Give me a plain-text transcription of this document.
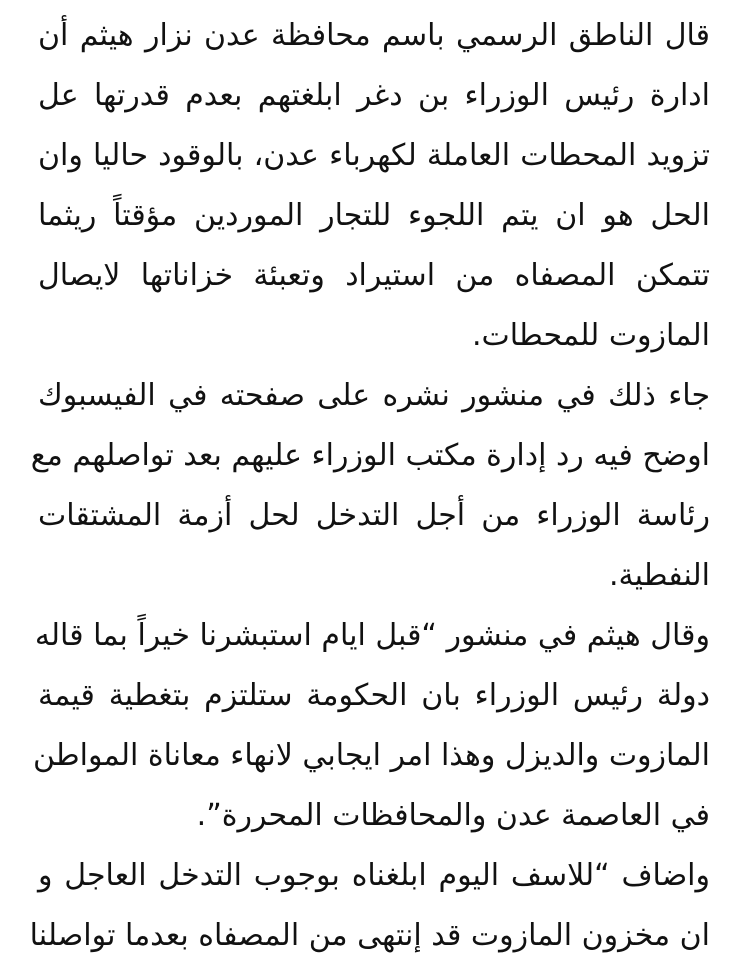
قال الناطق الرسمي باسم محافظة عدن نزار هيثم أن
ادارة رئيس الوزراء بن دغر ابلغتهم بعدم قدرتها عل
تزويد المحطات العاملة لكهرباء عدن، بالوقود حاليا وان
الحل هو ان يتم اللجوء للتجار الموردين مؤقتاً ريثما
تتمكن المصفاه من استيراد وتعبئة خزاناتها لايصال
المازوت للمحطات.
جاء ذلك في منشور نشره على صفحته في الفيسبوك
اوضح فيه رد إدارة مكتب الوزراء عليهم بعد تواصلهم مع
رئاسة الوزراء من أجل التدخل لحل أزمة المشتقات
النفطية.
وقال هيثم في منشور “قبل ايام استبشرنا خيراً بما قاله
دولة رئيس الوزراء بان الحكومة ستلتزم بتغطية قيمة
المازوت والديزل وهذا امر ايجابي لانهاء معاناة المواطن
في العاصمة عدن والمحافظات المحررة”.
واضاف “للاسف اليوم ابلغناه بوجوب التدخل العاجل و
ان مخزون المازوت قد إنتهى من المصفاه بعدما تواصلنا
